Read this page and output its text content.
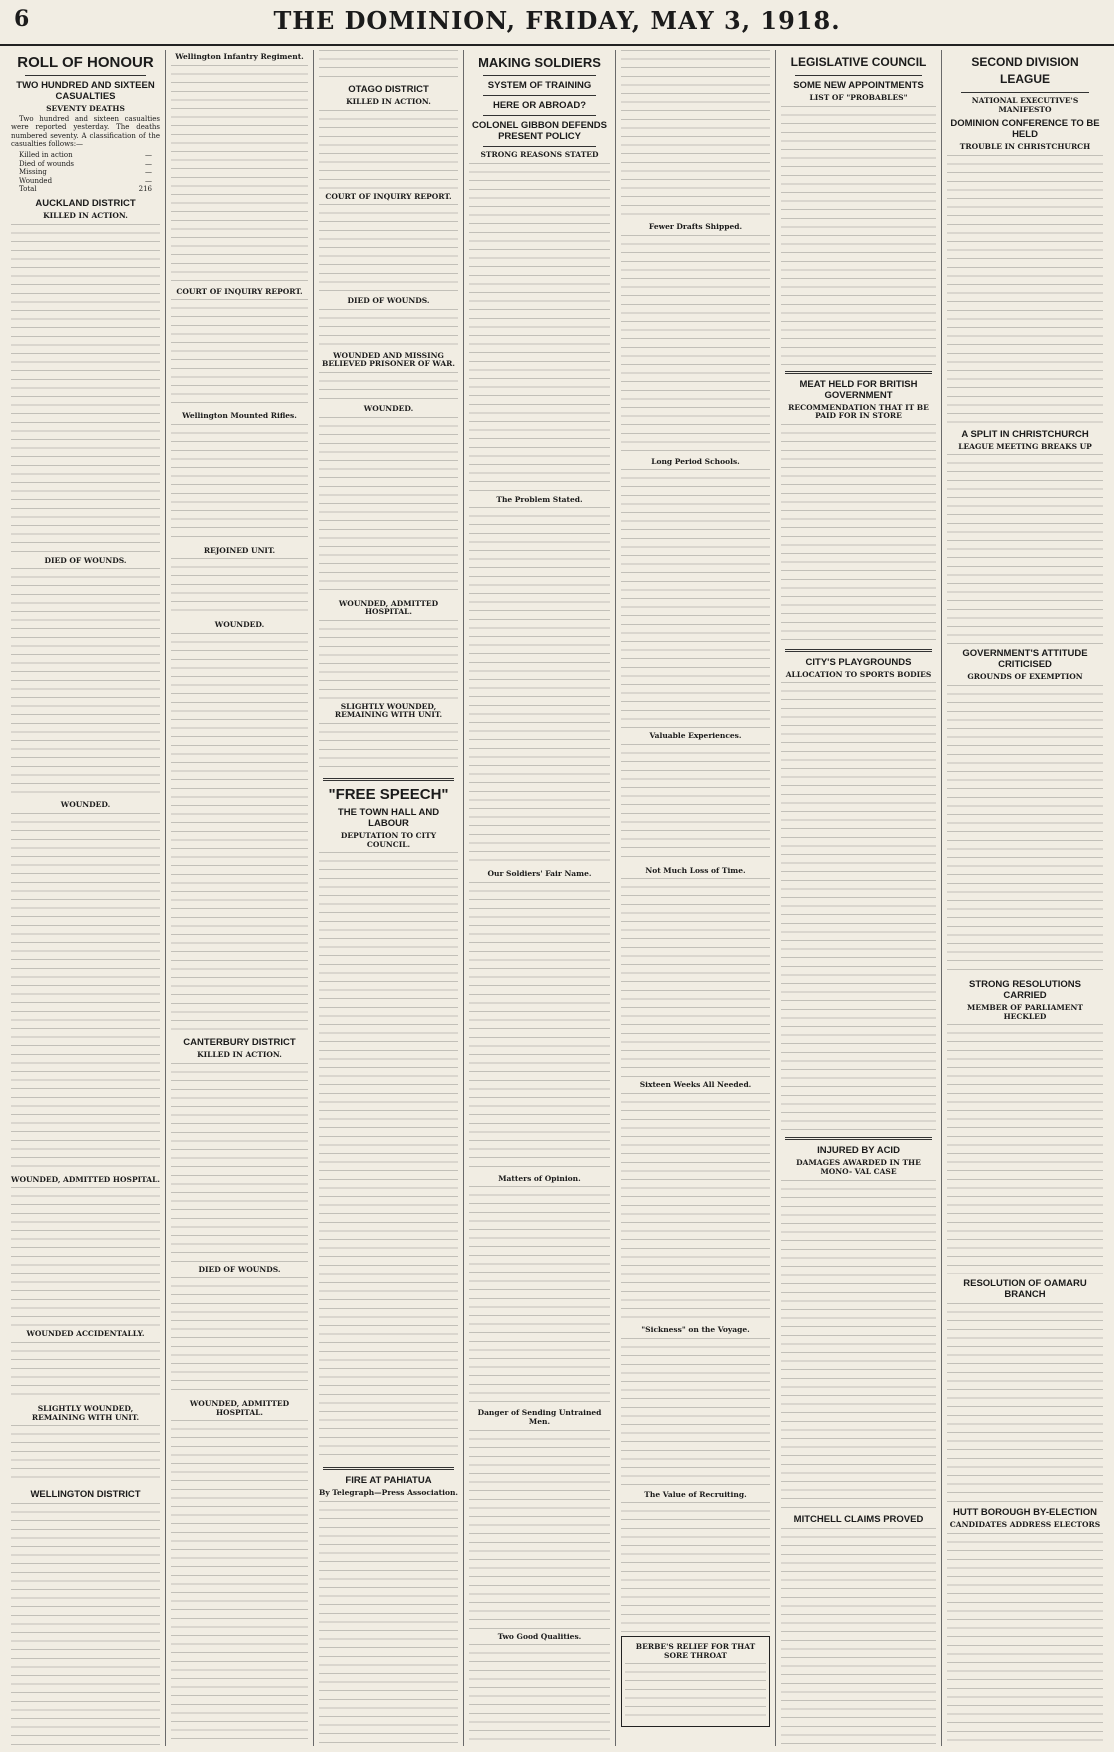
6	THE DOMINION, FRIDAY, MAY 3, 1918.
ROLL OF HONOUR
TWO HUNDRED AND SIXTEEN CASUALTIES
SEVENTY DEATHS

Two hundred and sixteen casualties were reported yesterday. The deaths numbered seventy. A classification of the casualties follows:—

Killed in action	—
Died of wounds	—
Missing	—
Wounded	—
Total	216
AUCKLAND DISTRICT
KILLED IN ACTION.
DIED OF WOUNDS.
WOUNDED.
WOUNDED, ADMITTED HOSPITAL.
WOUNDED ACCIDENTALLY.
SLIGHTLY WOUNDED, REMAINING WITH UNIT.
WELLINGTON DISTRICT
Wellington Infantry Regiment.
COURT OF INQUIRY REPORT.
Wellington Mounted Rifles.
REJOINED UNIT.
WOUNDED.
CANTERBURY DISTRICT
KILLED IN ACTION.
DIED OF WOUNDS.
WOUNDED, ADMITTED HOSPITAL.
OTAGO DISTRICT
KILLED IN ACTION.
COURT OF INQUIRY REPORT.
DIED OF WOUNDS.
WOUNDED AND MISSING BELIEVED PRISONER OF WAR.
WOUNDED.
WOUNDED, ADMITTED HOSPITAL.
SLIGHTLY WOUNDED, REMAINING WITH UNIT.
"FREE SPEECH"
THE TOWN HALL AND LABOUR
DEPUTATION TO CITY COUNCIL.
FIRE AT PAHIATUA
By Telegraph—Press Association.
MAKING SOLDIERS
SYSTEM OF TRAINING
HERE OR ABROAD?
COLONEL GIBBON DEFENDS PRESENT POLICY
STRONG REASONS STATED
The Problem Stated.
Our Soldiers' Fair Name.
Matters of Opinion.
Danger of Sending Untrained Men.
Two Good Qualities.
Fewer Drafts Shipped.
Long Period Schools.
Valuable Experiences.
Not Much Loss of Time.
Sixteen Weeks All Needed.
"Sickness" on the Voyage.
The Value of Recruiting.
BERBE'S RELIEF FOR THAT SORE THROAT
LEGISLATIVE COUNCIL
SOME NEW APPOINTMENTS
LIST OF "PROBABLES"
MEAT HELD FOR BRITISH GOVERNMENT
RECOMMENDATION THAT IT BE PAID FOR IN STORE
CITY'S PLAYGROUNDS
ALLOCATION TO SPORTS BODIES
INJURED BY ACID
DAMAGES AWARDED IN THE MONO- VAL CASE
MITCHELL CLAIMS PROVED
SECOND DIVISION LEAGUE
NATIONAL EXECUTIVE'S MANIFESTO
DOMINION CONFERENCE TO BE HELD
TROUBLE IN CHRISTCHURCH
A SPLIT IN CHRISTCHURCH
LEAGUE MEETING BREAKS UP
GOVERNMENT'S ATTITUDE CRITICISED
GROUNDS OF EXEMPTION
STRONG RESOLUTIONS CARRIED
MEMBER OF PARLIAMENT HECKLED
RESOLUTION OF OAMARU BRANCH
HUTT BOROUGH BY-ELECTION
CANDIDATES ADDRESS ELECTORS
